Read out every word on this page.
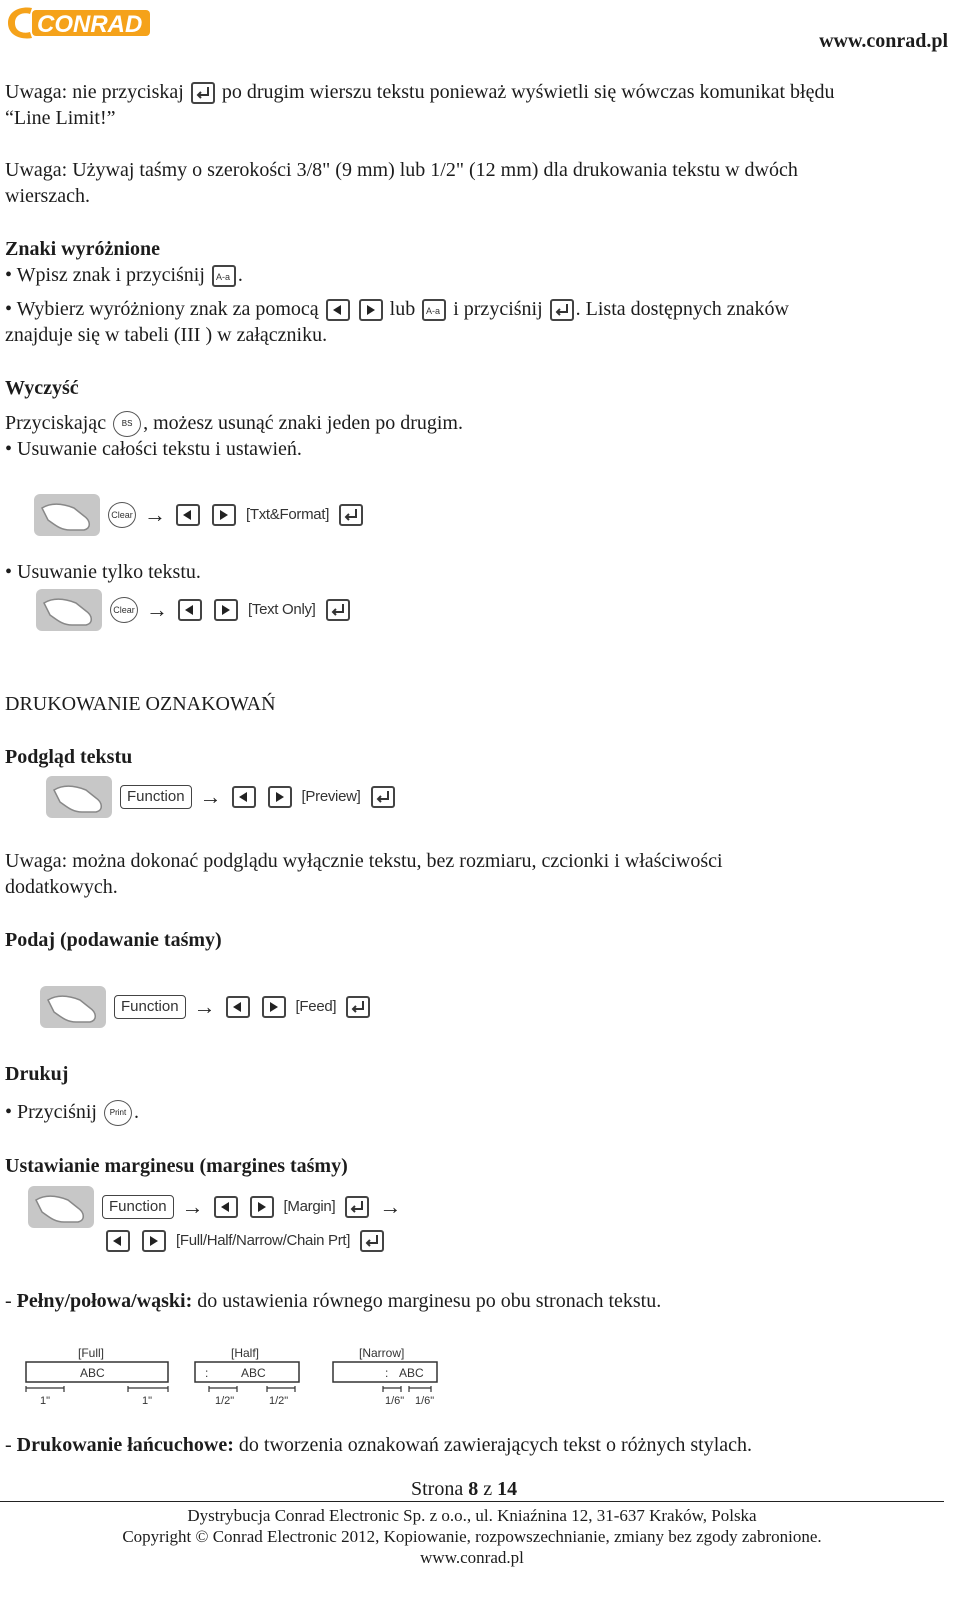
CONRAD
www.conrad.pl
Uwaga: nie przyciskaj po drugim wierszu tekstu ponieważ wyświetli się wówczas komunikat błędu
“Line Limit!”
Uwaga: Używaj taśmy o szerokości 3/8" (9 mm) lub 1/2" (12 mm) dla drukowania tekstu w dwóch
wierszach.
Znaki wyróżnione
• Wpisz znak i przyciśnij A-a .
• Wybierz wyróżniony znak za pomocą
	lub A-a i przyciśnij . Lista dostępnych znaków
znajduje się w tabeli (III ) w załączniku.
Wyczyść
Przyciskając BS , możesz usunąć znaki jeden po drugim.
• Usuwanie całości tekstu i ustawień.
Clear →	[Txt&Format]
• Usuwanie tylko tekstu.
Clear →	[Text Only]
DRUKOWANIE OZNAKOWAŃ
Podgląd tekstu
Function →	[Preview]
Uwaga: można dokonać podglądu wyłącznie tekstu, bez rozmiaru, czcionki i właściwości
dodatkowych.
Podaj (podawanie taśmy)
Function →	[Feed]
Drukuj
• Przyciśnij Print .
Ustawianie marginesu (margines taśmy)
Function →	[Margin] →
[Full/Half/Narrow/Chain Prt]
- Pełny/połowa/wąski: do ustawienia równego marginesu po obu stronach tekstu.
[Full]
ABC
1"	1"
[Half]
:	ABC
1/2"	1/2"
[Narrow]
: ABC
1/6" 1/6"
- Drukowanie łańcuchowe: do tworzenia oznakowań zawierających tekst o różnych stylach.
Strona 8 z 14
Dystrybucja Conrad Electronic Sp. z o.o., ul. Kniaźnina 12, 31-637 Kraków, Polska
Copyright © Conrad Electronic 2012, Kopiowanie, rozpowszechnianie, zmiany bez zgody zabronione.
www.conrad.pl
